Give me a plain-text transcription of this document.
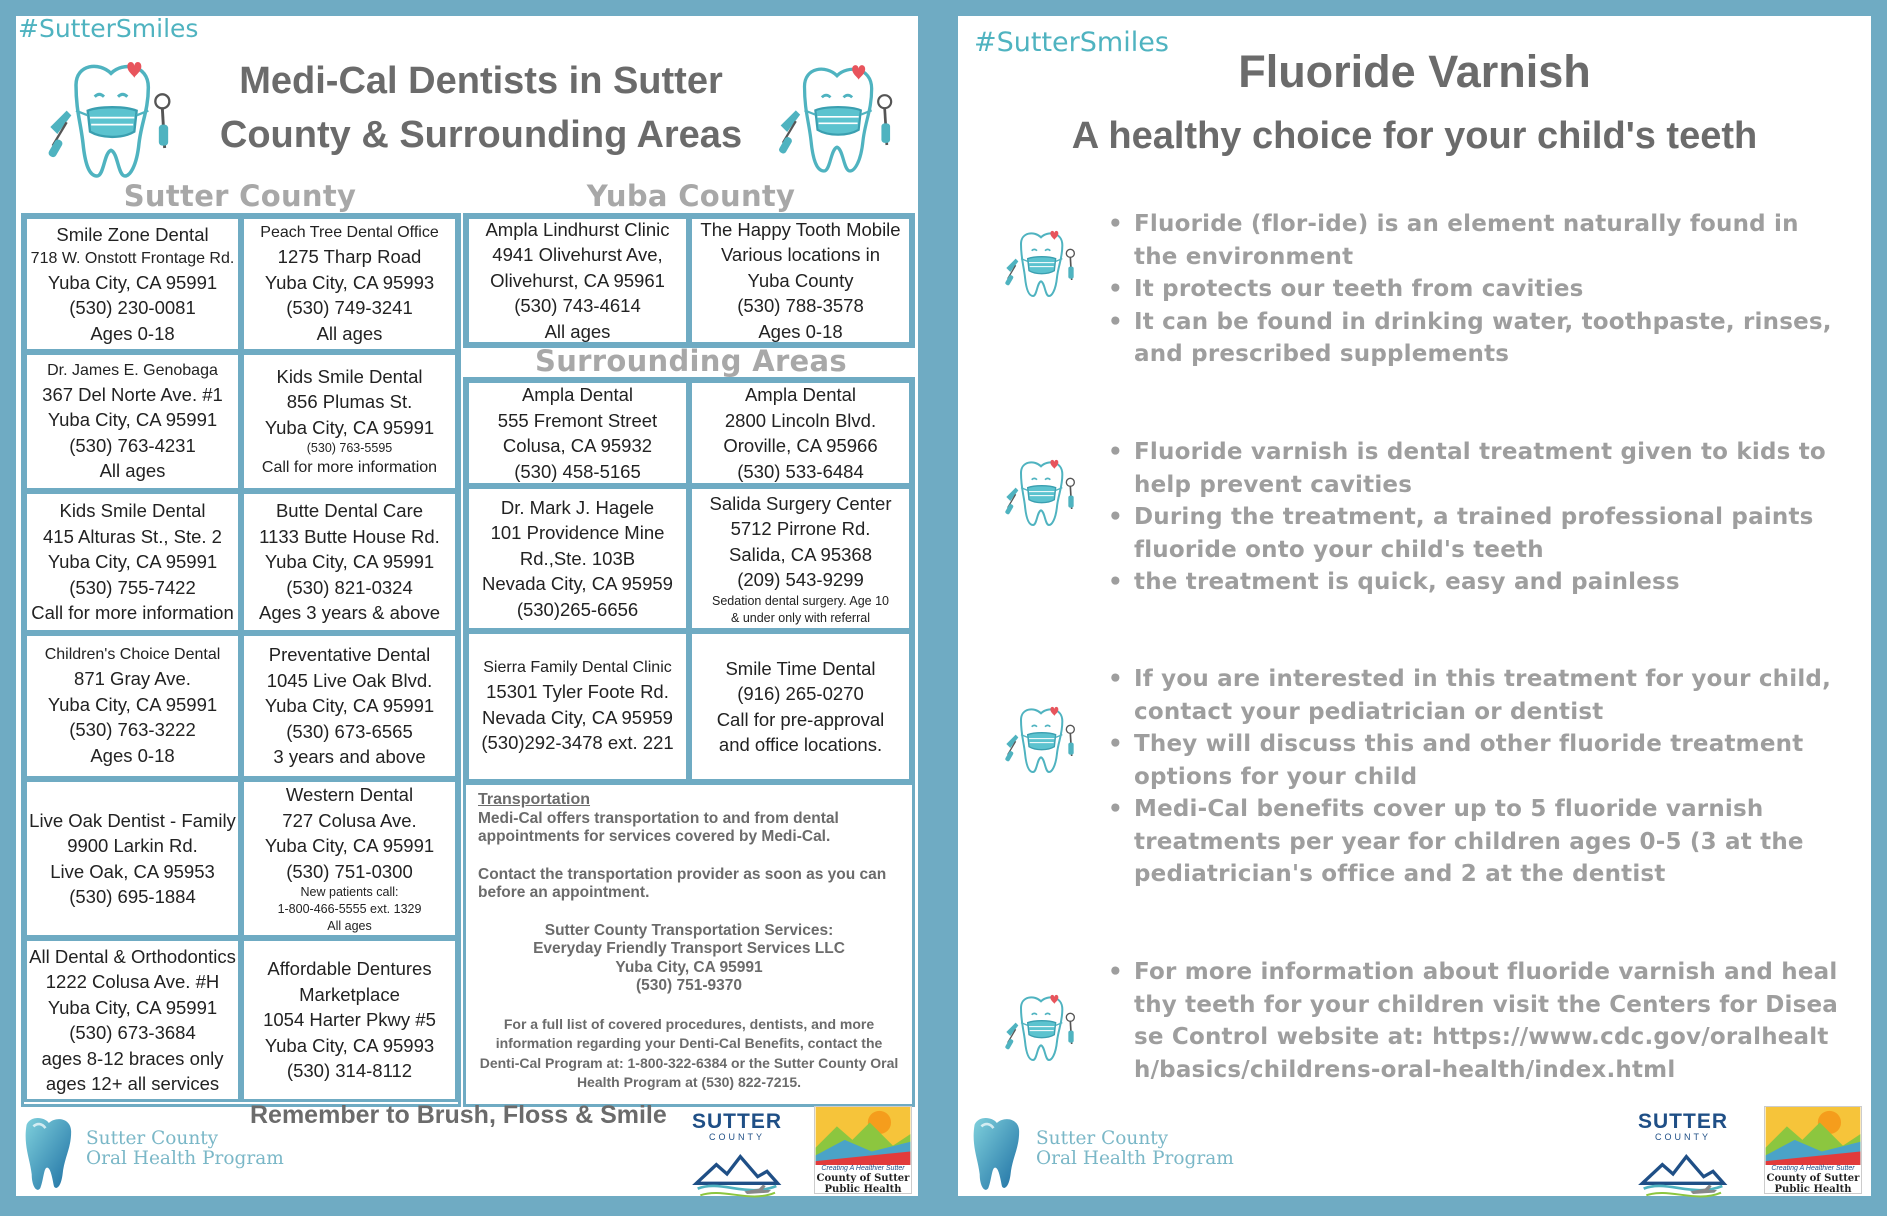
#SutterSmiles
Medi-Cal Dentists in Sutter
County & Surrounding Areas
Sutter County	Yuba County
Smile Zone Dental
718 W. Onstott Frontage Rd.
Yuba City, CA 95991
(530) 230-0081
Ages 0-18
Peach Tree Dental Office
1275 Tharp Road
Yuba City, CA 95993
(530) 749-3241
All ages
Dr. James E. Genobaga
367 Del Norte Ave. #1
Yuba City, CA 95991
(530) 763-4231
All ages
Kids Smile Dental
856 Plumas St.
Yuba City, CA 95991
(530) 763-5595
Call for more information
Kids Smile Dental
415 Alturas St., Ste. 2
Yuba City, CA 95991
(530) 755-7422
Call for more information
Butte Dental Care
1133 Butte House Rd.
Yuba City, CA 95991
(530) 821-0324
Ages 3 years & above
Children's Choice Dental
871 Gray Ave.
Yuba City, CA 95991
(530) 763-3222
Ages 0-18
Preventative Dental
1045 Live Oak Blvd.
Yuba City, CA 95991
(530) 673-6565
3 years and above
Live Oak Dentist - Family
9900 Larkin Rd.
Live Oak, CA 95953
(530) 695-1884
Western Dental
727 Colusa Ave.
Yuba City, CA 95991
(530) 751-0300
New patients call:
1-800-466-5555 ext. 1329
All ages
All Dental & Orthodontics
1222 Colusa Ave. #H
Yuba City, CA 95991
(530) 673-3684
ages 8-12 braces only
ages 12+ all services
Affordable Dentures
Marketplace
1054 Harter Pkwy #5
Yuba City, CA 95993
(530) 314-8112
Ampla Lindhurst Clinic
4941 Olivehurst Ave,
Olivehurst, CA 95961
(530) 743-4614
All ages
The Happy Tooth Mobile
Various locations in
Yuba County
(530) 788-3578
Ages 0-18
Surrounding Areas
Ampla Dental
555 Fremont Street
Colusa, CA 95932
(530) 458-5165
Ampla Dental
2800 Lincoln Blvd.
Oroville, CA 95966
(530) 533-6484
Dr. Mark J. Hagele
101 Providence Mine
Rd.,Ste. 103B
Nevada City, CA 95959
(530)265-6656
Salida Surgery Center
5712 Pirrone Rd.
Salida, CA 95368
(209) 543-9299
Sedation dental surgery. Age 10
& under only with referral
Sierra Family Dental Clinic
15301 Tyler Foote Rd.
Nevada City, CA 95959
(530)292-3478 ext. 221
Smile Time Dental
(916) 265-0270
Call for pre-approval
and office locations.
Transportation
Medi-Cal offers transportation to and from dental appointments for services covered by Medi-Cal.
Contact the transportation provider as soon as you can before an appointment.
Sutter County Transportation Services:
Everyday Friendly Transport Services LLC
Yuba City, CA 95991
(530) 751-9370
For a full list of covered procedures, dentists, and more information regarding your Denti-Cal Benefits, contact the Denti-Cal Program at: 1-800-322-6384 or the Sutter County Oral Health Program at (530) 822-7215.
Remember to Brush, Floss & Smile
Sutter County
Oral Health Program
SUTTER
COUNTY
Creating A Healthier Sutter
County of Sutter
Public Health
#SutterSmiles
Fluoride Varnish
A healthy choice for your child's teeth
• Fluoride (flor-ide) is an element naturally found in the environment
• It protects our teeth from cavities
• It can be found in drinking water, toothpaste, rinses, and prescribed supplements
• Fluoride varnish is dental treatment given to kids to help prevent cavities
• During the treatment, a trained professional paints fluoride onto your child's teeth
• the treatment is quick, easy and painless
• If you are interested in this treatment for your child, contact your pediatrician or dentist
• They will discuss this and other fluoride treatment options for your child
• Medi-Cal benefits cover up to 5 fluoride varnish treatments per year for children ages 0-5 (3 at the pediatrician's office and 2 at the dentist
• For more information about fluoride varnish and healthy teeth for your children visit the Centers for Disease Control website at: https://www.cdc.gov/oralhealth/basics/childrens-oral-health/index.html
Sutter County
Oral Health Program
SUTTER
COUNTY
Creating A Healthier Sutter
County of Sutter
Public Health
